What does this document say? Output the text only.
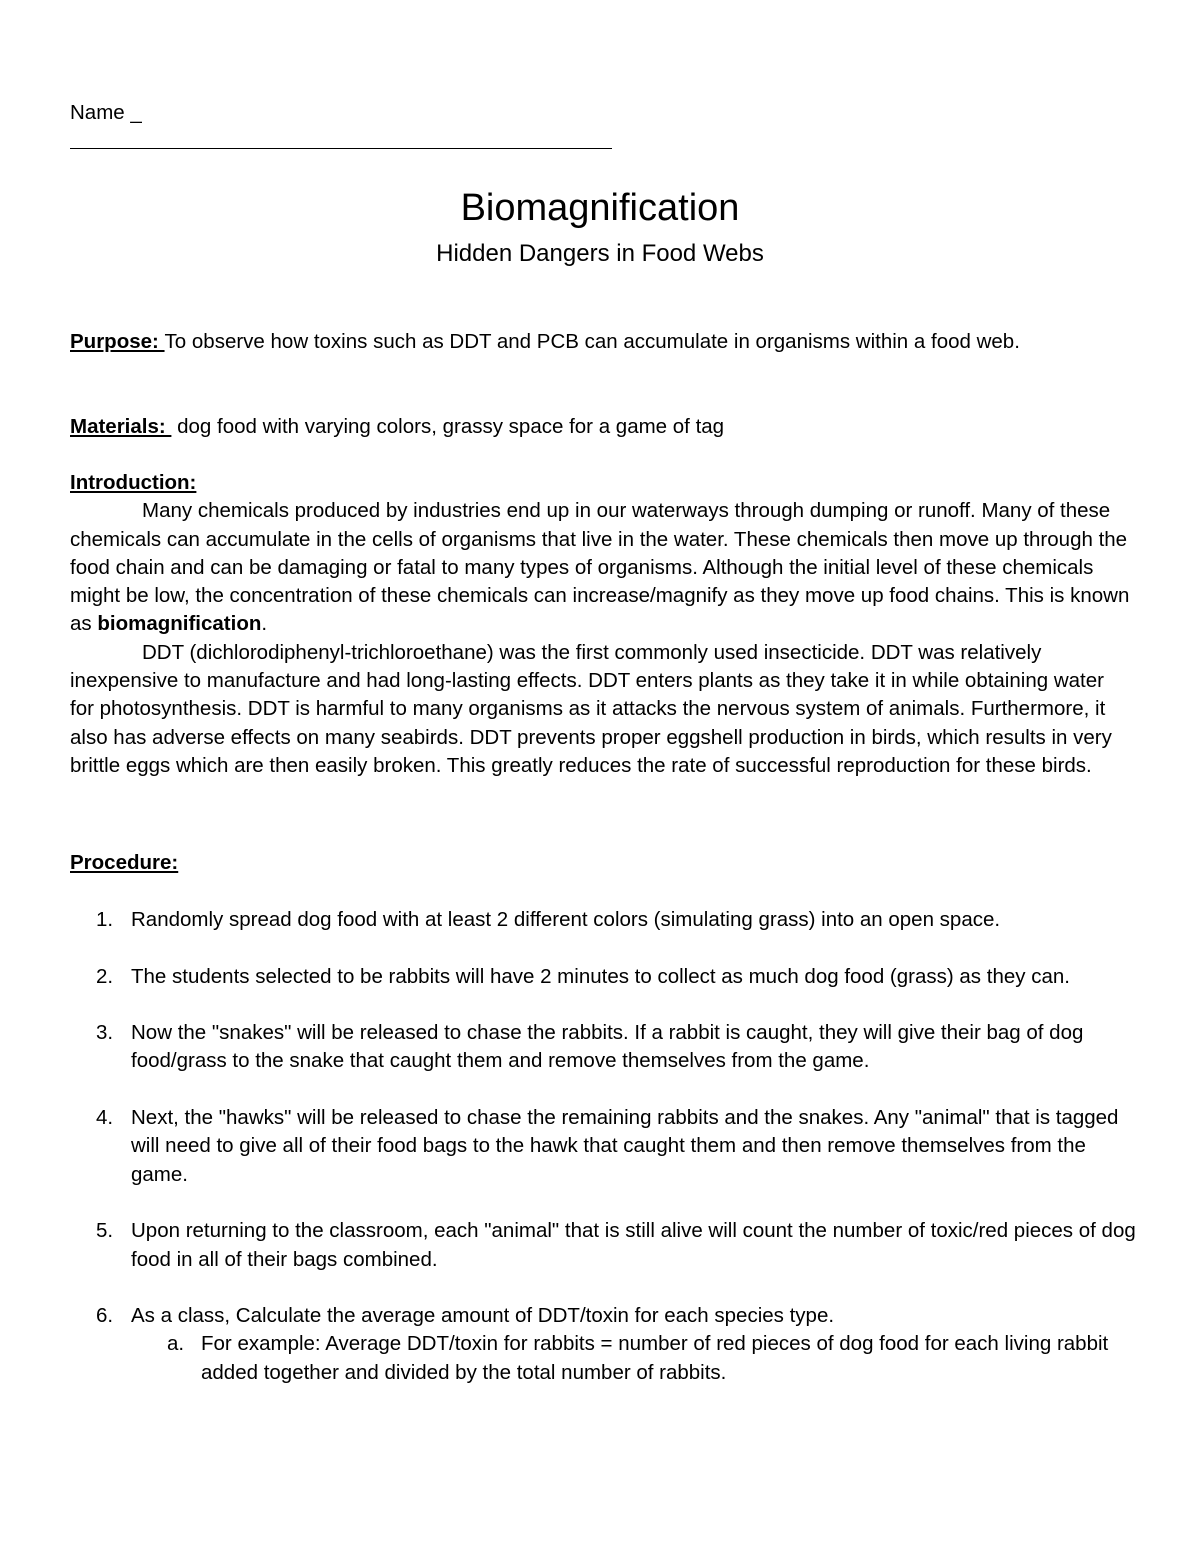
Name _
Biomagnification
Hidden Dangers in Food Webs
Purpose: To observe how toxins such as DDT and PCB can accumulate in organisms within a food web.
Materials:  dog food with varying colors, grassy space for a game of tag
Introduction:
Many chemicals produced by industries end up in our waterways through dumping or runoff. Many of these chemicals can accumulate in the cells of organisms that live in the water. These chemicals then move up through the food chain and can be damaging or fatal to many types of organisms. Although the initial level of these chemicals might be low, the concentration of these chemicals can increase/magnify as they move up food chains. This is known as biomagnification.
DDT (dichlorodiphenyl-trichloroethane) was the first commonly used insecticide. DDT was relatively inexpensive to manufacture and had long-lasting effects. DDT enters plants as they take it in while obtaining water for photosynthesis. DDT is harmful to many organisms as it attacks the nervous system of animals. Furthermore, it also has adverse effects on many seabirds. DDT prevents proper eggshell production in birds, which results in very brittle eggs which are then easily broken. This greatly reduces the rate of successful reproduction for these birds.
Procedure:
1. Randomly spread dog food with at least 2 different colors (simulating grass) into an open space.
2. The students selected to be rabbits will have 2 minutes to collect as much dog food (grass) as they can.
3. Now the "snakes" will be released to chase the rabbits. If a rabbit is caught, they will give their bag of dog food/grass to the snake that caught them and remove themselves from the game.
4. Next, the "hawks" will be released to chase the remaining rabbits and the snakes. Any "animal" that is tagged will need to give all of their food bags to the hawk that caught them and then remove themselves from the game.
5. Upon returning to the classroom, each "animal" that is still alive will count the number of toxic/red pieces of dog food in all of their bags combined.
6. As a class, Calculate the average amount of DDT/toxin for each species type.
a. For example: Average DDT/toxin for rabbits = number of red pieces of dog food for each living rabbit added together and divided by the total number of rabbits.
